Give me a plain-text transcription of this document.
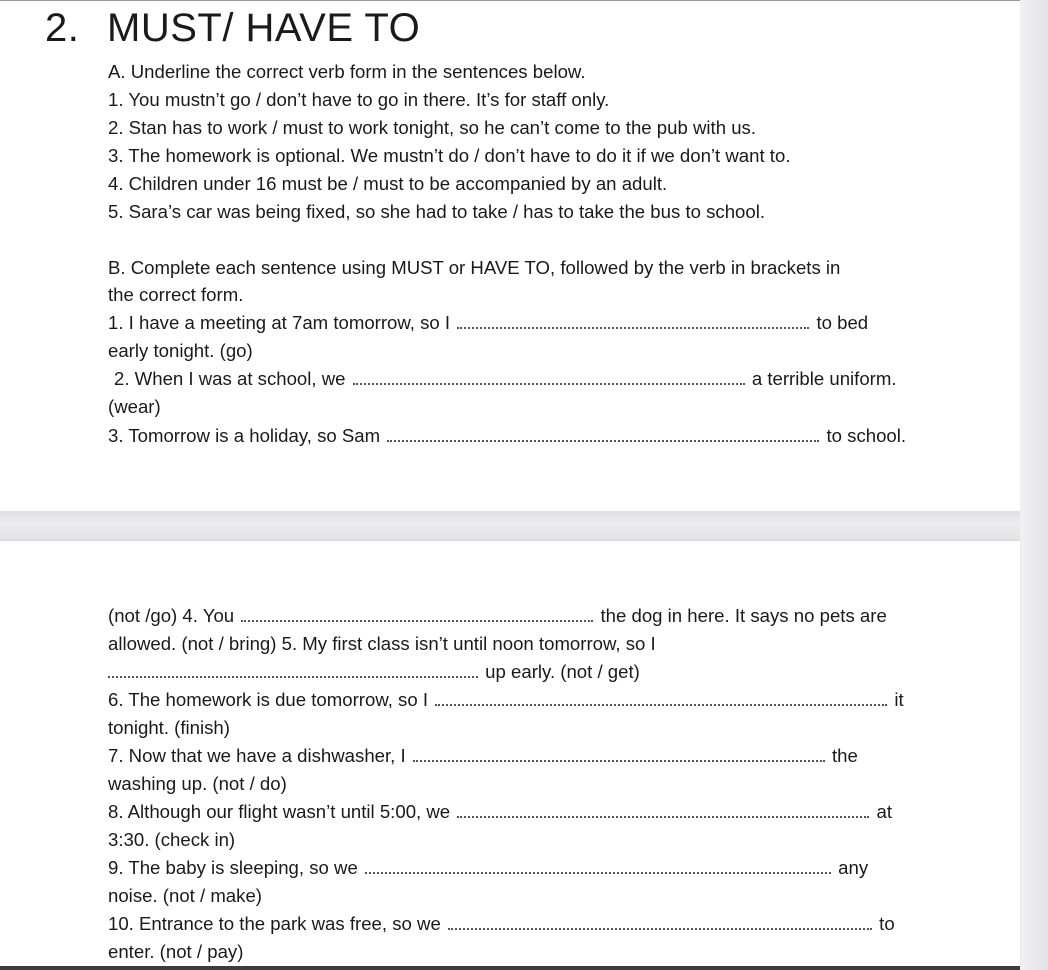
2. MUST/ HAVE TO
A. Underline the correct verb form in the sentences below.
1. You mustn’t go / don’t have to go in there. It’s for staff only.
2. Stan has to work / must to work tonight, so he can’t come to the pub with us.
3. The homework is optional. We mustn’t do / don’t have to do it if we don’t want to.
4. Children under 16 must be / must to be accompanied by an adult.
5. Sara’s car was being fixed, so she had to take / has to take the bus to school.
B. Complete each sentence using MUST or HAVE TO, followed by the verb in brackets in
the correct form.
1. I have a meeting at 7am tomorrow, so I	to bed
early tonight. (go)
2. When I was at school, we	a terrible uniform.
(wear)
3. Tomorrow is a holiday, so Sam	to school.
(not /go) 4. You	the dog in here. It says no pets are
allowed. (not / bring) 5. My first class isn’t until noon tomorrow, so I
up early. (not / get)
6. The homework is due tomorrow, so I	it
tonight. (finish)
7. Now that we have a dishwasher, I	the
washing up. (not / do)
8. Although our flight wasn’t until 5:00, we	at
3:30. (check in)
9. The baby is sleeping, so we	any
noise. (not / make)
10. Entrance to the park was free, so we	to
enter. (not / pay)
